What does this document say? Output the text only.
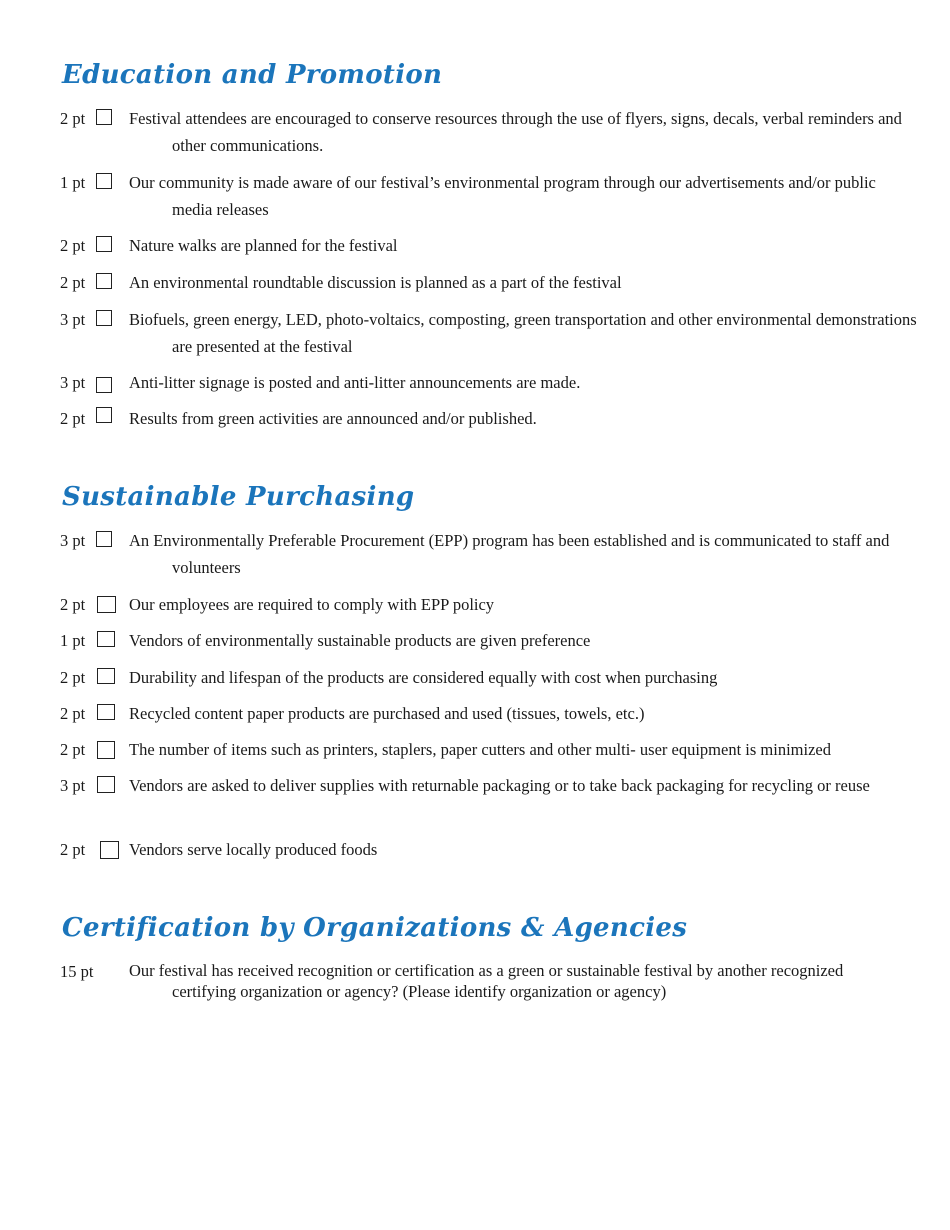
Education and Promotion
2 pt	Festival attendees are encouraged to conserve resources through the use of flyers, signs, decals, verbal reminders and other communications.
1 pt	Our community is made aware of our festival’s environmental program through our advertisements and/or public media releases
2 pt	Nature walks are planned for the festival
2 pt	An environmental roundtable discussion is planned as a part of the festival
3 pt	Biofuels, green energy, LED, photo-voltaics, composting, green transportation and other environmental demonstrations are presented at the festival
3 pt	Anti-litter signage is posted and anti-litter announcements are made.
2 pt	Results from green activities are announced and/or published.
Sustainable Purchasing
3 pt	An Environmentally Preferable Procurement (EPP) program has been established and is communicated to staff and volunteers
2 pt	Our employees are required to comply with EPP policy
1 pt	Vendors of environmentally sustainable products are given preference
2 pt	Durability and lifespan of the products are considered equally with cost when purchasing
2 pt	Recycled content paper products are purchased and used (tissues, towels, etc.)
2 pt	The number of items such as printers, staplers, paper cutters and other multi- user equipment is minimized
3 pt	Vendors are asked to deliver supplies with returnable packaging or to take back packaging for recycling or reuse
2 pt	Vendors serve locally produced foods
Certification by Organizations & Agencies
15 pt Our festival has received recognition or certification as a green or sustainable festival by another recognized certifying organization or agency? (Please identify organization or agency)
